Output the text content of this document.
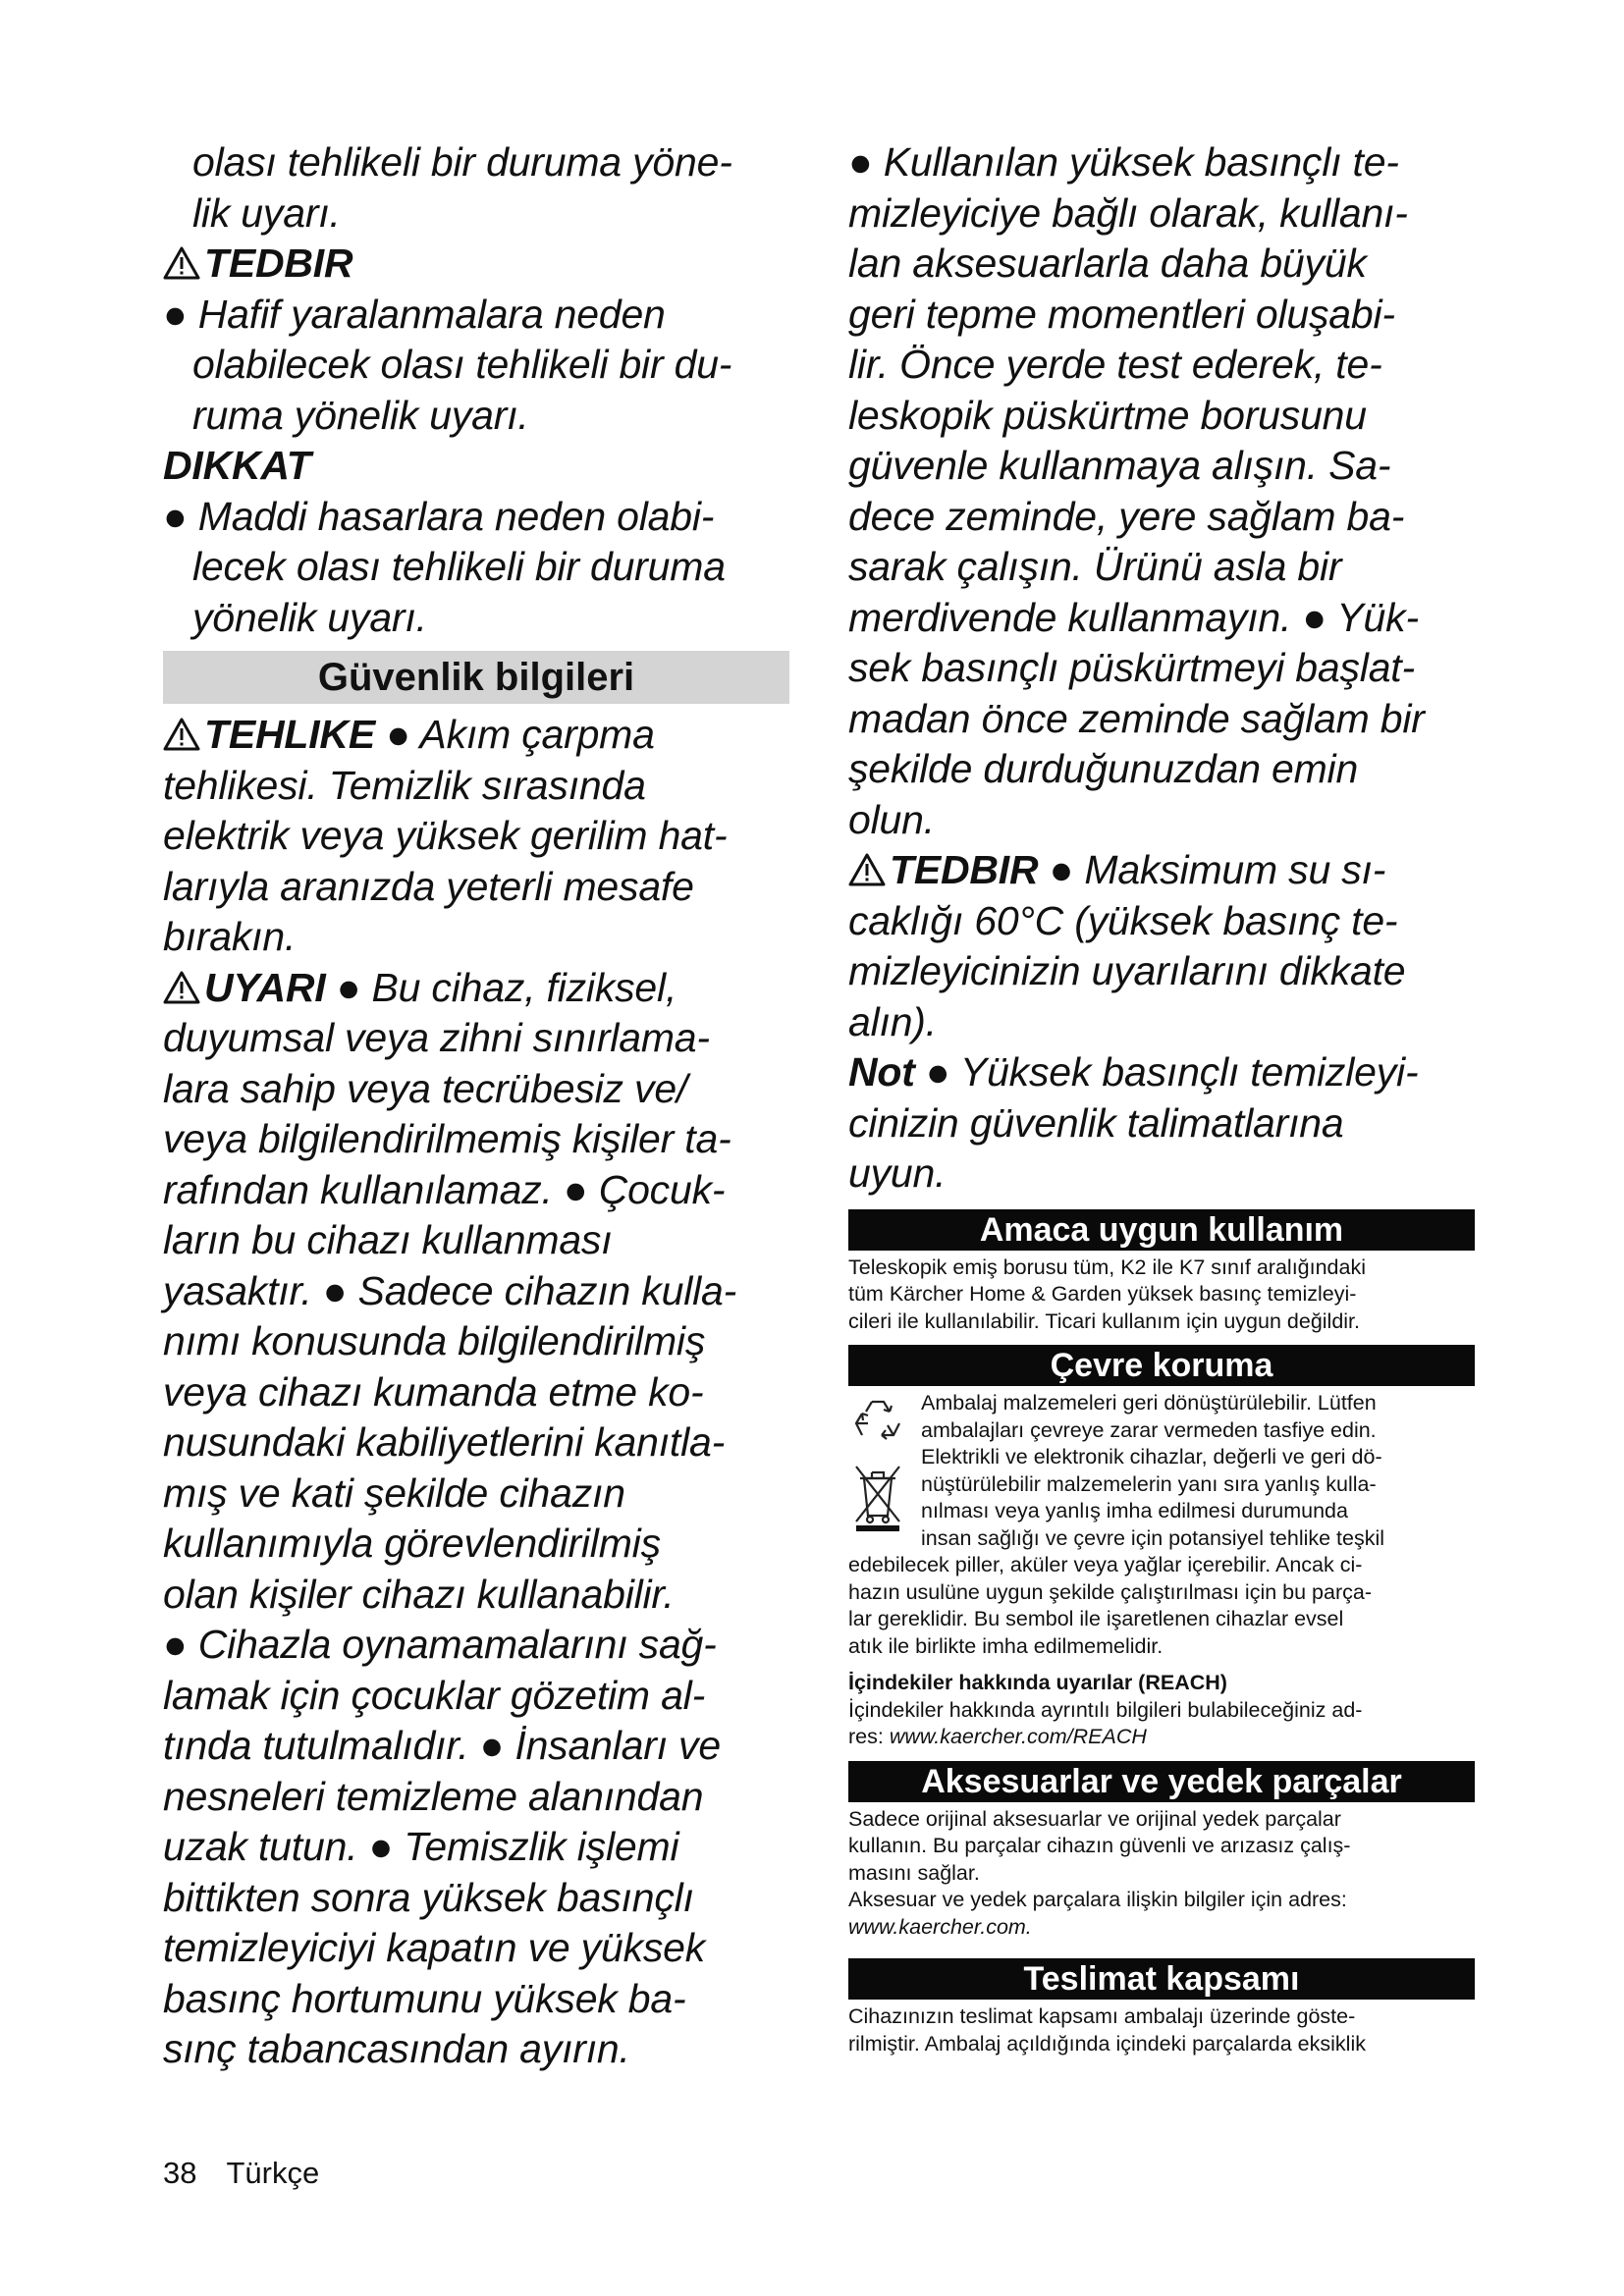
olası tehlikeli bir duruma yöne-

lik uyarı.

TEDBIR

● Hafif yaralanmalara neden

olabilecek olası tehlikeli bir du-

ruma yönelik uyarı.

DIKKAT

● Maddi hasarlara neden olabi-

lecek olası tehlikeli bir duruma

yönelik uyarı.

Güvenlik bilgileri

TEHLIKE ● Akım çarpma

tehlikesi. Temizlik sırasında

elektrik veya yüksek gerilim hat-

larıyla aranızda yeterli mesafe

bırakın.

UYARI ● Bu cihaz, fiziksel,

duyumsal veya zihni sınırlama-

lara sahip veya tecrübesiz ve/

veya bilgilendirilmemiş kişiler ta-

rafından kullanılamaz. ● Çocuk-

ların bu cihazı kullanması

yasaktır. ● Sadece cihazın kulla-

nımı konusunda bilgilendirilmiş

veya cihazı kumanda etme ko-

nusundaki kabiliyetlerini kanıtla-

mış ve kati şekilde cihazın

kullanımıyla görevlendirilmiş

olan kişiler cihazı kullanabilir.

● Cihazla oynamamalarını sağ-

lamak için çocuklar gözetim al-

tında tutulmalıdır. ● İnsanları ve

nesneleri temizleme alanından

uzak tutun. ● Temiszlik işlemi

bittikten sonra yüksek basınçlı

temizleyiciyi kapatın ve yüksek

basınç hortumunu yüksek ba-

sınç tabancasından ayırın.

● Kullanılan yüksek basınçlı te-

mizleyiciye bağlı olarak, kullanı-

lan aksesuarlarla daha büyük

geri tepme momentleri oluşabi-

lir. Önce yerde test ederek, te-

leskopik püskürtme borusunu

güvenle kullanmaya alışın. Sa-

dece zeminde, yere sağlam ba-

sarak çalışın. Ürünü asla bir

merdivende kullanmayın. ● Yük-

sek basınçlı püskürtmeyi başlat-

madan önce zeminde sağlam bir

şekilde durduğunuzdan emin

olun.

TEDBIR ● Maksimum su sı-

caklığı 60°C (yüksek basınç te-

mizleyicinizin uyarılarını dikkate

alın).

Not ● Yüksek basınçlı temizleyi-

cinizin güvenlik talimatlarına

uyun.

Amaca uygun kullanım

Teleskopik emiş borusu tüm, K2 ile K7 sınıf aralığındaki

tüm Kärcher Home & Garden yüksek basınç temizleyi-

cileri ile kullanılabilir. Ticari kullanım için uygun değildir.

Çevre koruma

Ambalaj malzemeleri geri dönüştürülebilir. Lütfen

ambalajları çevreye zarar vermeden tasfiye edin.

Elektrikli ve elektronik cihazlar, değerli ve geri dö-

nüştürülebilir malzemelerin yanı sıra yanlış kulla-

nılması veya yanlış imha edilmesi durumunda

insan sağlığı ve çevre için potansiyel tehlike teşkil

edebilecek piller, aküler veya yağlar içerebilir. Ancak ci-

hazın usulüne uygun şekilde çalıştırılması için bu parça-

lar gereklidir. Bu sembol ile işaretlenen cihazlar evsel

atık ile birlikte imha edilmemelidir.

İçindekiler hakkında uyarılar (REACH)

İçindekiler hakkında ayrıntılı bilgileri bulabileceğiniz ad-

res: www.kaercher.com/REACH

Aksesuarlar ve yedek parçalar

Sadece orijinal aksesuarlar ve orijinal yedek parçalar

kullanın. Bu parçalar cihazın güvenli ve arızasız çalış-

masını sağlar.

Aksesuar ve yedek parçalara ilişkin bilgiler için adres:

www.kaercher.com.

Teslimat kapsamı

Cihazınızın teslimat kapsamı ambalajı üzerinde göste-

rilmiştir. Ambalaj açıldığında içindeki parçalarda eksiklik

38 Türkçe
